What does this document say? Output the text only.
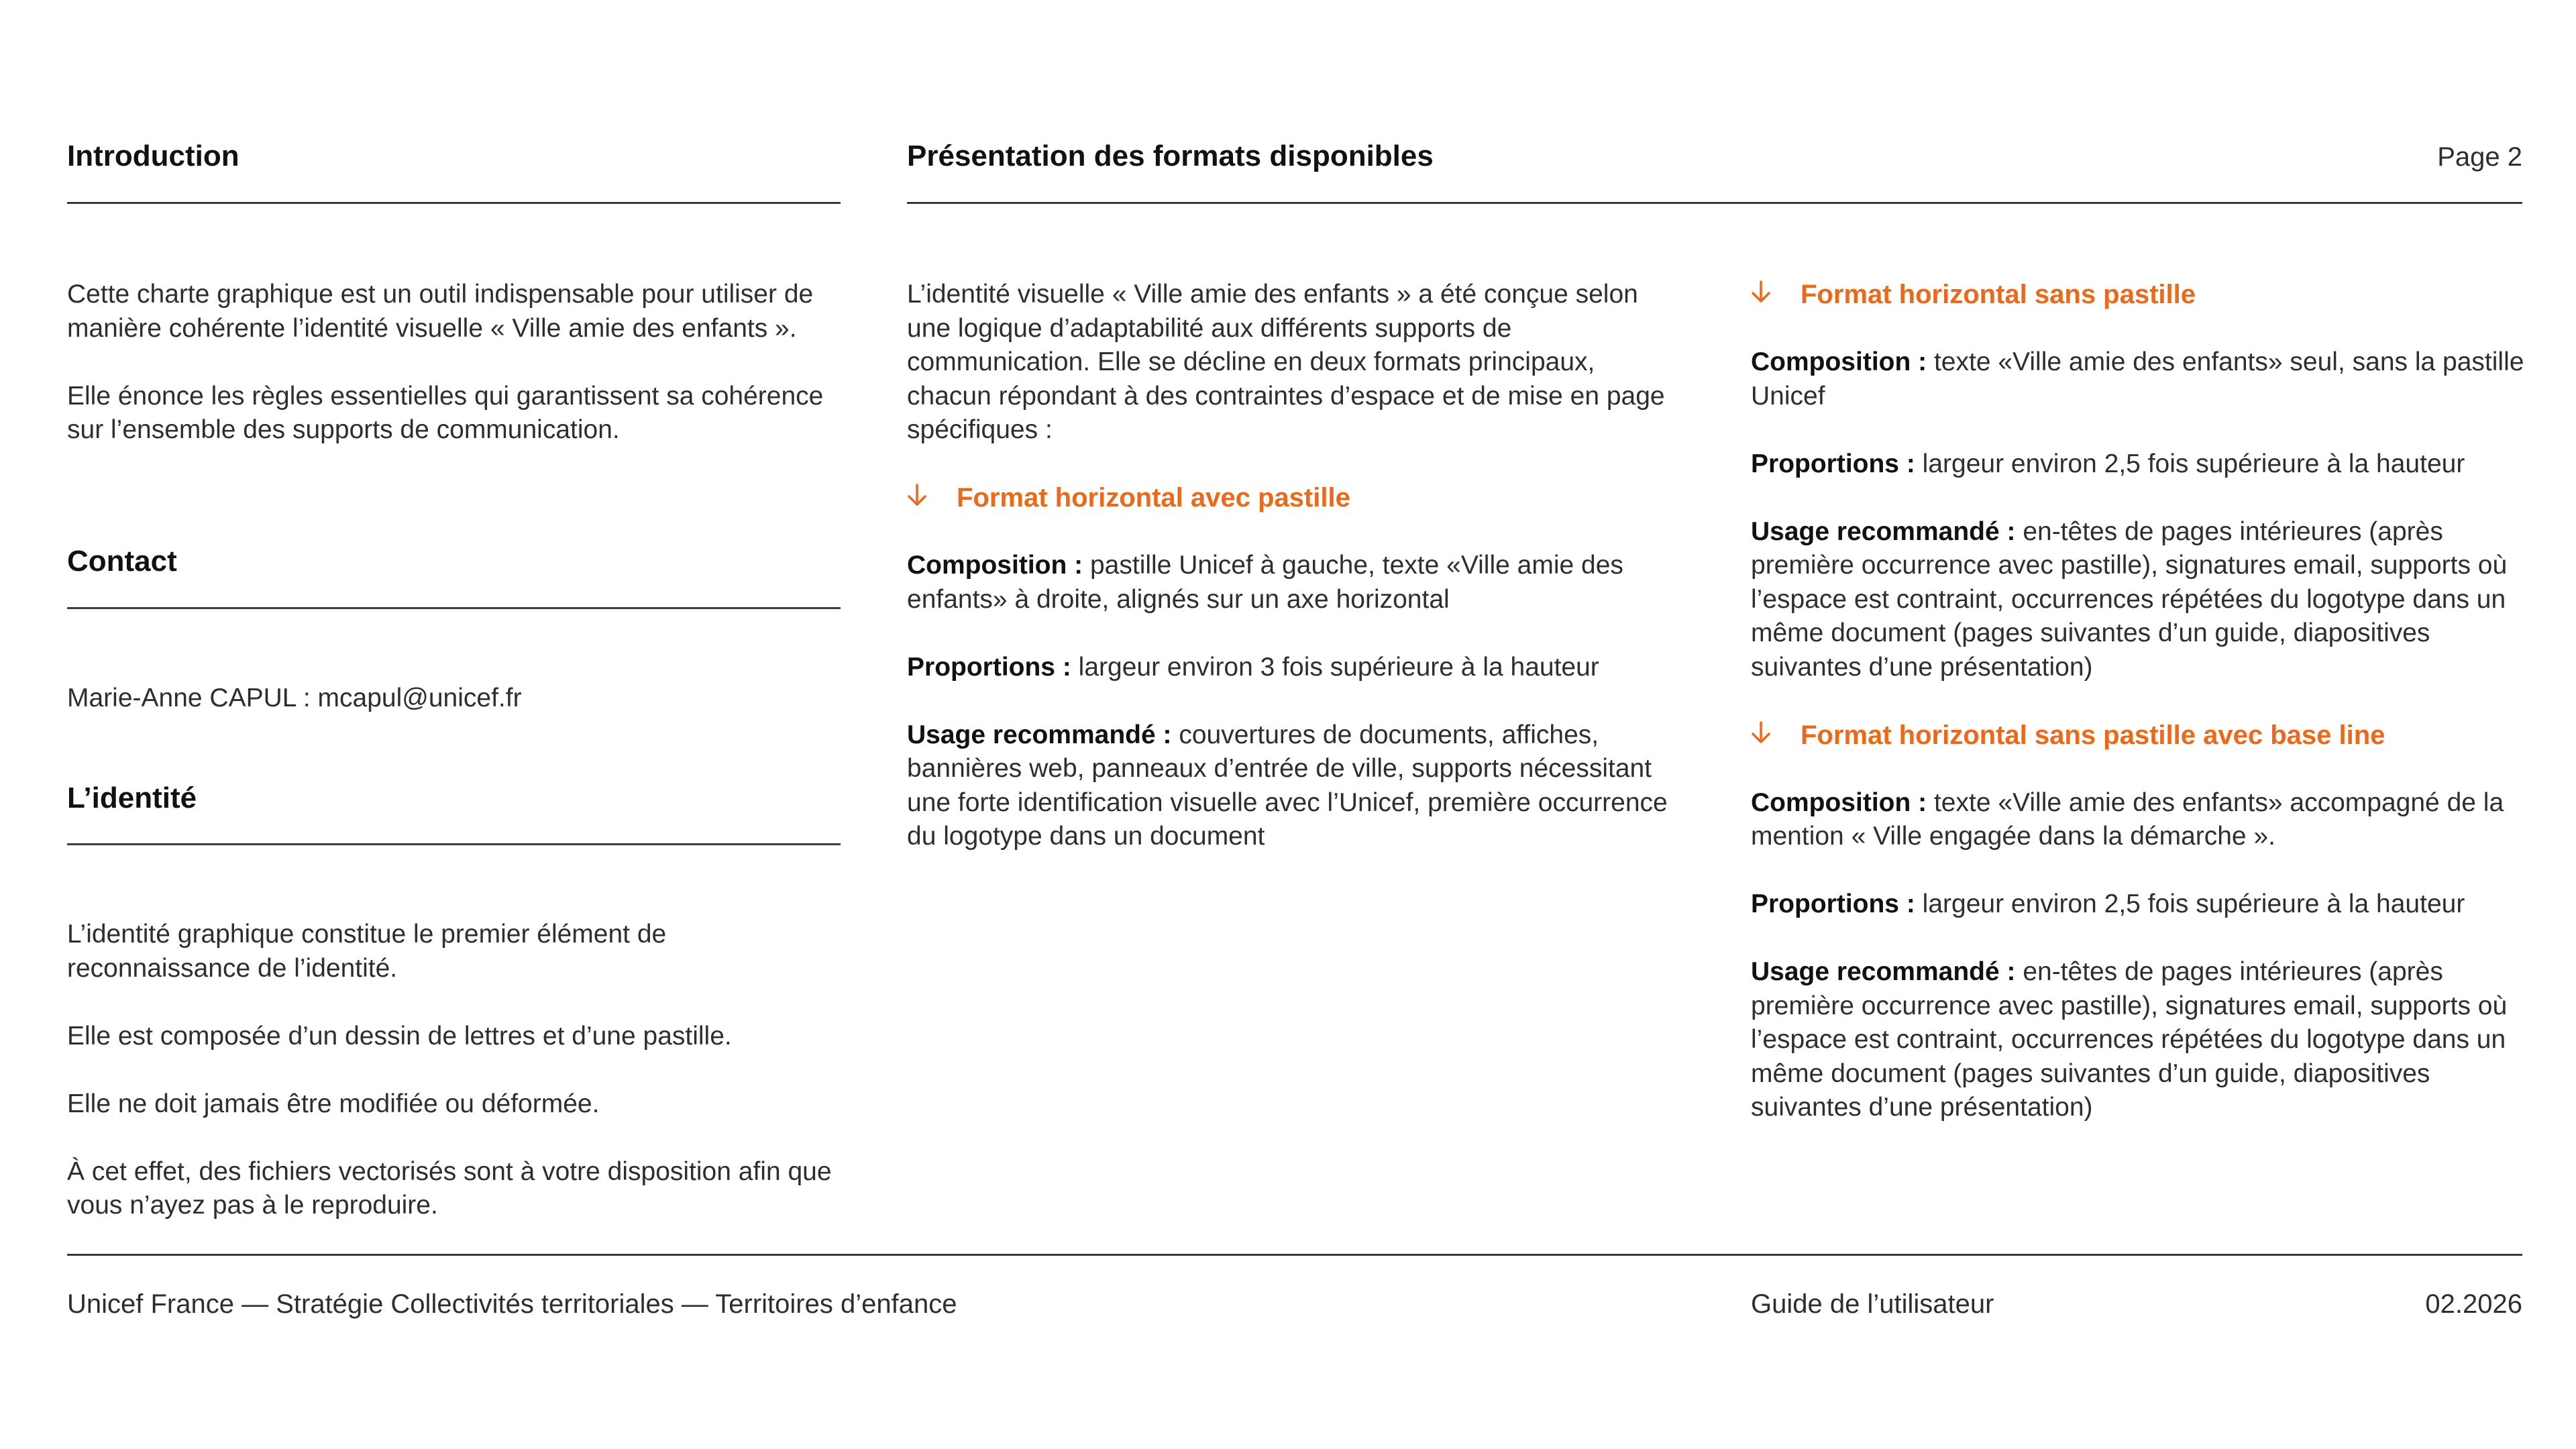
Introduction	Présentation des formats disponibles	Page 2

Cette charte graphique est un outil indispensable pour utiliser de manière cohérente l’identité visuelle « Ville amie des enfants ».

Elle énonce les règles essentielles qui garantissent sa cohérence sur l’ensemble des supports de communication.

Contact
Marie-Anne CAPUL : mcapul@unicef.fr
L’identité

L’identité graphique constitue le premier élément de reconnaissance de l’identité.

Elle est composée d’un dessin de lettres et d’une pastille.

Elle ne doit jamais être modifiée ou déformée.

À cet effet, des fichiers vectorisés sont à votre disposition afin que vous n’ayez pas à le reproduire.

L’identité visuelle « Ville amie des enfants » a été conçue selon une logique d’adaptabilité aux différents supports de communication. Elle se décline en deux formats principaux, chacun répondant à des contraintes d’espace et de mise en page spécifiques :

Format horizontal avec pastille

Composition : pastille Unicef à gauche, texte «Ville amie des enfants» à droite, alignés sur un axe horizontal

Proportions : largeur environ 3 fois supérieure à la hauteur

Usage recommandé : couvertures de documents, affiches, bannières web, panneaux d’entrée de ville, supports nécessitant une forte identification visuelle avec l’Unicef, première occurrence du logotype dans un document

Format horizontal sans pastille

Composition : texte «Ville amie des enfants» seul, sans la pastille Unicef

Proportions : largeur environ 2,5 fois supérieure à la hauteur

Usage recommandé : en-têtes de pages intérieures (après première occurrence avec pastille), signatures email, supports où l’espace est contraint, occurrences répétées du logotype dans un même document (pages suivantes d’un guide, diapositives suivantes d’une présentation)

Format horizontal sans pastille avec base line

Composition : texte «Ville amie des enfants» accompagné de la mention « Ville engagée dans la démarche ».

Proportions : largeur environ 2,5 fois supérieure à la hauteur

Usage recommandé : en-têtes de pages intérieures (après première occurrence avec pastille), signatures email, supports où l’espace est contraint, occurrences répétées du logotype dans un même document (pages suivantes d’un guide, diapositives suivantes d’une présentation)

Unicef France — Stratégie Collectivités territoriales — Territoires d’enfance	Guide de l’utilisateur	02.2026
